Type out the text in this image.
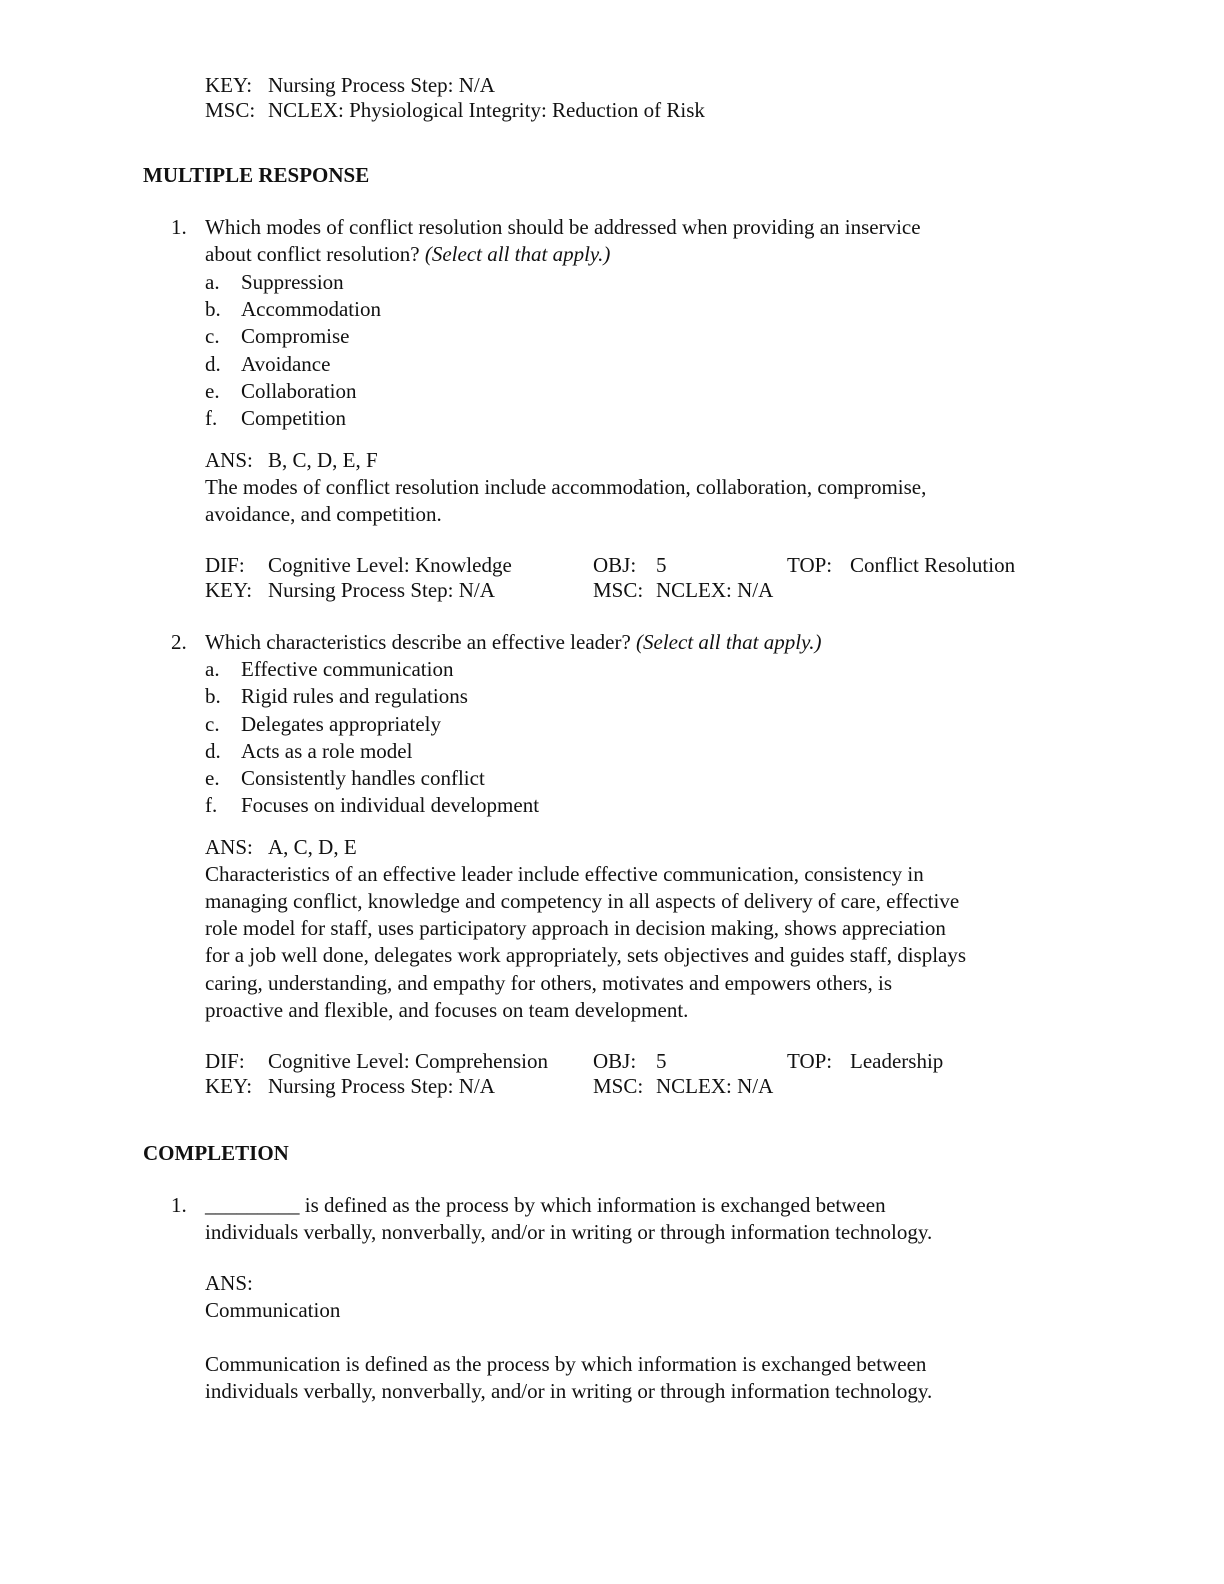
KEY: Nursing Process Step: N/A
MSC: NCLEX: Physiological Integrity: Reduction of Risk
MULTIPLE RESPONSE
1. Which modes of conflict resolution should be addressed when providing an inservice
about conflict resolution? (Select all that apply.)
a. Suppression
b. Accommodation
c. Compromise
d. Avoidance
e. Collaboration
f. Competition
ANS: B, C, D, E, F
The modes of conflict resolution include accommodation, collaboration, compromise,
avoidance, and competition.
DIF: Cognitive Level: Knowledge	OBJ: 5	TOP: Conflict Resolution
KEY: Nursing Process Step: N/A	MSC: NCLEX: N/A
2. Which characteristics describe an effective leader? (Select all that apply.)
a. Effective communication
b. Rigid rules and regulations
c. Delegates appropriately
d. Acts as a role model
e. Consistently handles conflict
f. Focuses on individual development
ANS: A, C, D, E
Characteristics of an effective leader include effective communication, consistency in
managing conflict, knowledge and competency in all aspects of delivery of care, effective
role model for staff, uses participatory approach in decision making, shows appreciation
for a job well done, delegates work appropriately, sets objectives and guides staff, displays
caring, understanding, and empathy for others, motivates and empowers others, is
proactive and flexible, and focuses on team development.
DIF: Cognitive Level: Comprehension OBJ: 5	TOP: Leadership
KEY: Nursing Process Step: N/A	MSC: NCLEX: N/A
COMPLETION
1. _________ is defined as the process by which information is exchanged between
individuals verbally, nonverbally, and/or in writing or through information technology.
ANS:
Communication
Communication is defined as the process by which information is exchanged between
individuals verbally, nonverbally, and/or in writing or through information technology.
